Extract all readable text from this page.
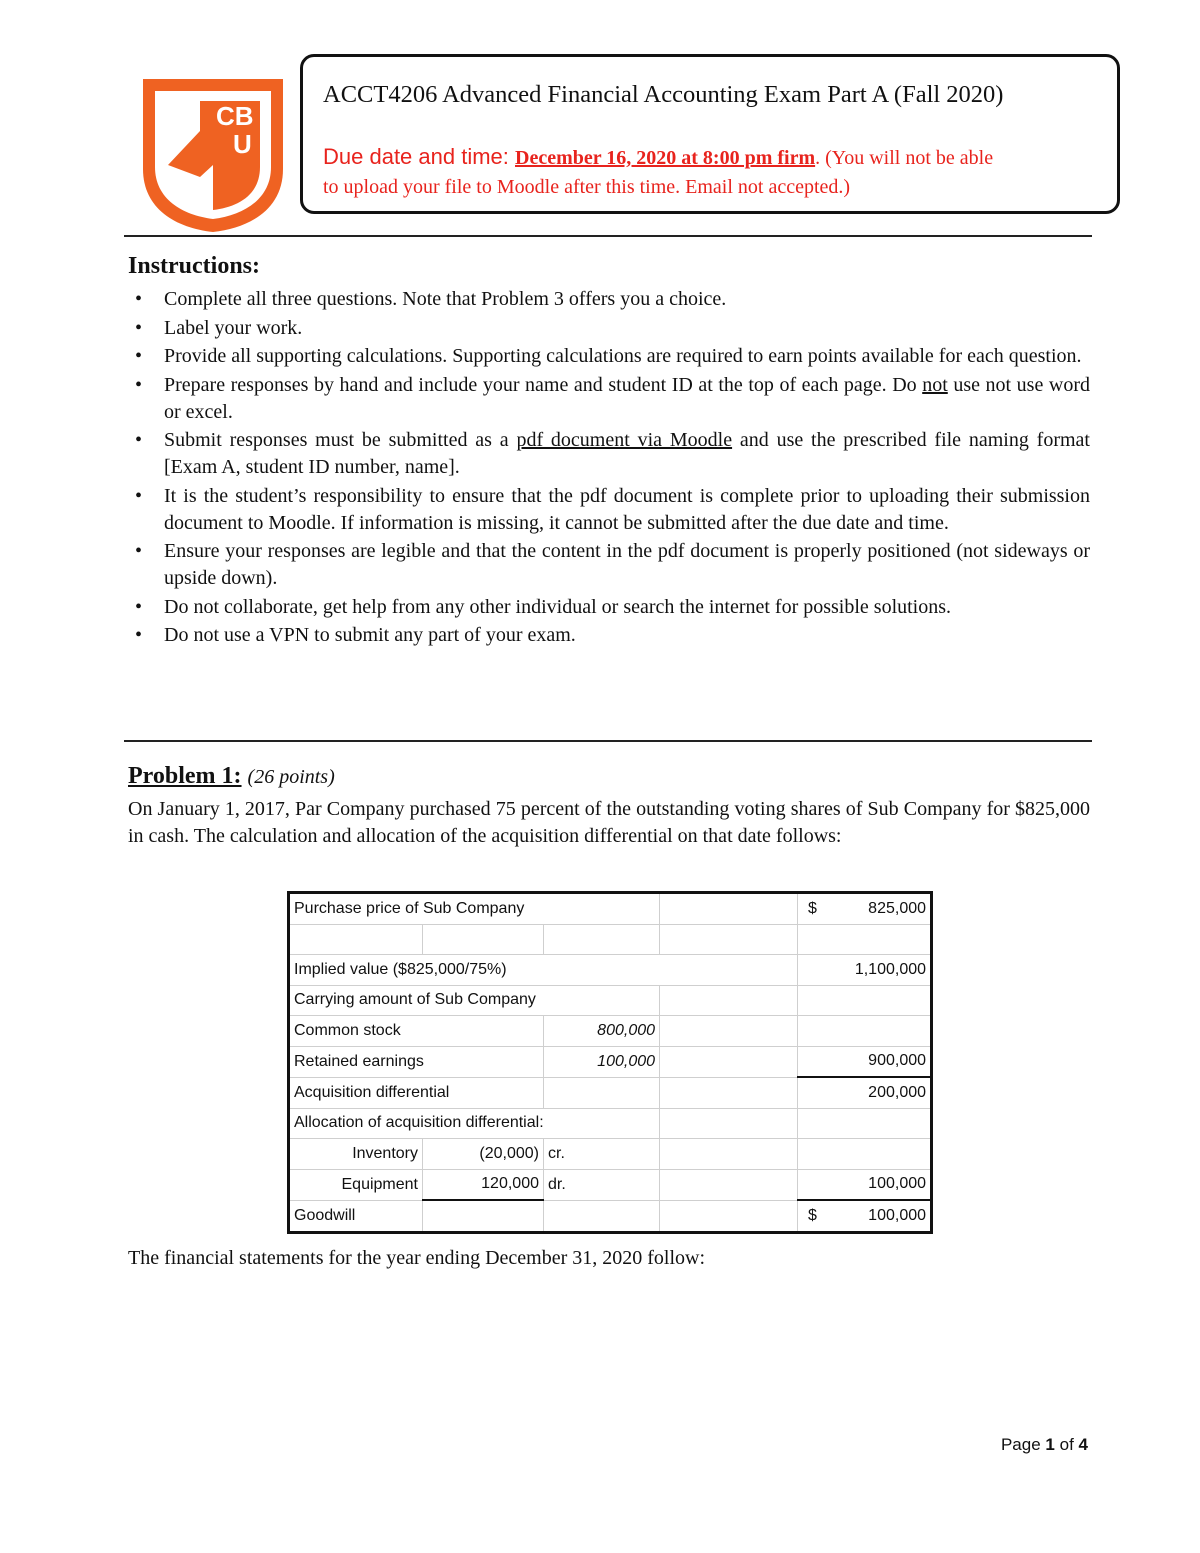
CB
U
ACCT4206 Advanced Financial Accounting Exam Part A (Fall 2020)
Due date and time: December 16, 2020 at 8:00 pm firm. (You will not be able
to upload your file to Moodle after this time. Email not accepted.)
Instructions:
• Complete all three questions. Note that Problem 3 offers you a choice.
• Label your work.
• Provide all supporting calculations. Supporting calculations are required to earn points available for each question.
• Prepare responses by hand and include your name and student ID at the top of each page. Do not use not use word or excel.
• Submit responses must be submitted as a pdf document via Moodle and use the prescribed file naming format [Exam A, student ID number, name].
• It is the student’s responsibility to ensure that the pdf document is complete prior to uploading their submission document to Moodle. If information is missing, it cannot be submitted after the due date and time.
• Ensure your responses are legible and that the content in the pdf document is properly positioned (not sideways or upside down).
• Do not collaborate, get help from any other individual or search the internet for possible solutions.
• Do not use a VPN to submit any part of your exam.
Problem 1: (26 points)
On January 1, 2017, Par Company purchased 75 percent of the outstanding voting shares of Sub Company for $825,000 in cash. The calculation and allocation of the acquisition differential on that date follows:
Purchase price of Sub Company				$ 825,000

Implied value ($825,000/75%)				1,100,000
Carrying amount of Sub Company				
Common stock		800,000		
Retained earnings		100,000		900,000
Acquisition differential				200,000
Allocation of acquisition differential:				
Inventory	(20,000)	cr.		
Equipment	120,000	dr.		100,000
Goodwill				$ 100,000
The financial statements for the year ending December 31, 2020 follow:
Page 1 of 4
